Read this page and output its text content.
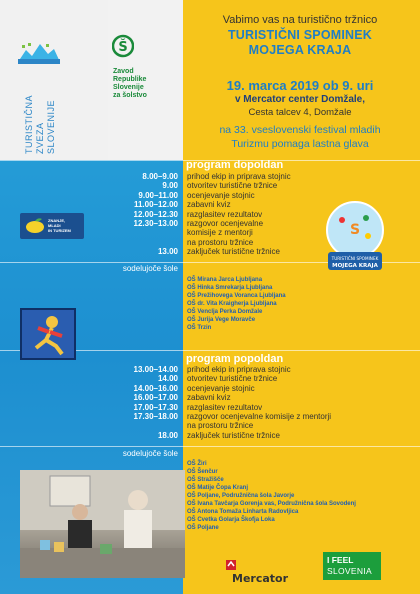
TURISTIČNA ZVEZA SLOVENIJE
Š
Zavod
Republike
Slovenije
za šolstvo
Vabimo vas na turistično tržnico
TURISTIČNI SPOMINEK
MOJEGA KRAJA
19. marca 2019 ob 9. uri
v Mercator center Domžale,
Cesta talcev 4, Domžale
na 33. vseslovenski festival mladih
Turizmu pomaga lastna glava
program dopoldan
8.00–9.00
9.00
9.00–11.00
11.00–12.00
12.00–12.30
12.30–13.00
13.00
prihod ekip in priprava stojnic
otvoritev turistične tržnice
ocenjevanje stojnic
zabavni kviz
razglasitev rezultatov
razgovor ocenjevalne
komisije z mentorji
na prostoru tržnice
zaključek turistične tržnice
sodelujoče šole
OŠ Mirana Jarca Ljubljana
OŠ Hinka Smrekarja Ljubljana
OŠ Prežihovega Voranca Ljubljana
OŠ dr. Vita Kraigherja Ljubljana
OŠ Venclja Perka Domžale
OŠ Jurija Vege Moravče
OŠ Trzin
program popoldan
13.00–14.00
14.00
14.00–16.00
16.00–17.00
17.00–17.30
17.30–18.00
18.00
prihod ekip in priprava stojnic
otvoritev turistične tržnice
ocenjevanje stojnic
zabavni kviz
razglasitev rezultatov
razgovor ocenjevalne komisije z mentorji
na prostoru tržnice
zaključek turistične tržnice
sodelujoče šole
OŠ Žiri
OŠ Šenčur
OŠ Stražišče
OŠ Matije Čopa Kranj
OŠ Poljane, Podružnična šola Javorje
OŠ Ivana Tavčarja Gorenja vas, Podružnična šola Sovodenj
OŠ Antona Tomaža Linharta Radovljica
OŠ Cvetka Golarja Škofja Loka
OŠ Poljane
ZNANJE,
MLADI
IN TURIZEM	S
TURISTIČNI SPOMINEK
MOJEGA KRAJA
Mercator
I FEEL
SLOVENIA
